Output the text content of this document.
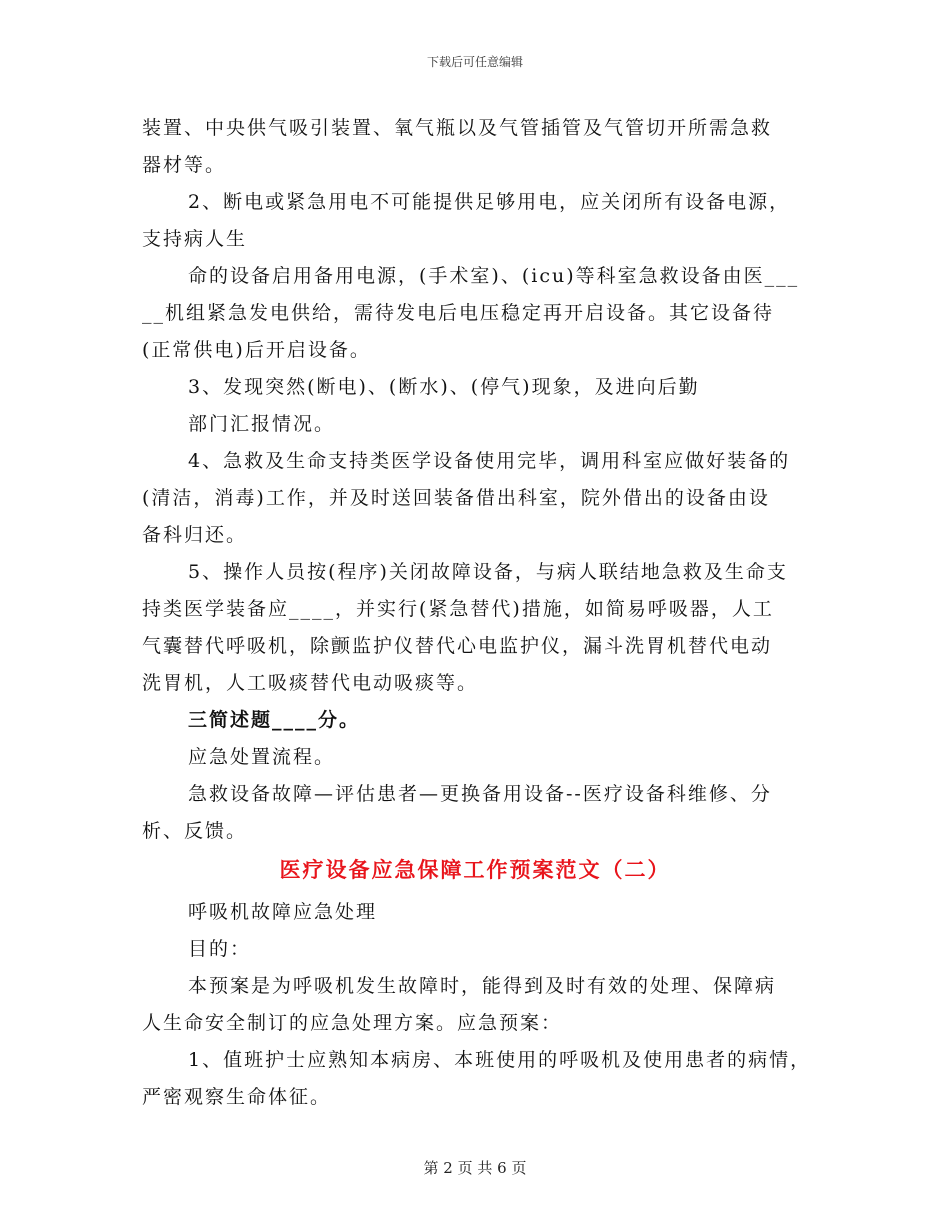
下载后可任意编辑
装置、中央供气吸引装置、氧气瓶以及气管插管及气管切开所需急救
器材等。
2、断电或紧急用电不可能提供足够用电，应关闭所有设备电源，
支持病人生
命的设备启用备用电源，(手术室)、(icu)等科室急救设备由医___
__机组紧急发电供给，需待发电后电压稳定再开启设备。其它设备待
(正常供电)后开启设备。
3、发现突然(断电)、(断水)、(停气)现象，及进向后勤
部门汇报情况。
4、急救及生命支持类医学设备使用完毕，调用科室应做好装备的
(清洁，消毒)工作，并及时送回装备借出科室，院外借出的设备由设
备科归还。
5、操作人员按(程序)关闭故障设备，与病人联结地急救及生命支
持类医学装备应____，并实行(紧急替代)措施，如简易呼吸器，人工
气囊替代呼吸机，除颤监护仪替代心电监护仪，漏斗洗胃机替代电动
洗胃机，人工吸痰替代电动吸痰等。
三简述题____分。
应急处置流程。
急救设备故障—评估患者—更换备用设备--医疗设备科维修、分
析、反馈。
医疗设备应急保障工作预案范文（二）
呼吸机故障应急处理
目的：
本预案是为呼吸机发生故障时，能得到及时有效的处理、保障病
人生命安全制订的应急处理方案。应急预案：
1、值班护士应熟知本病房、本班使用的呼吸机及使用患者的病情，
严密观察生命体征。
第 2 页 共 6 页
